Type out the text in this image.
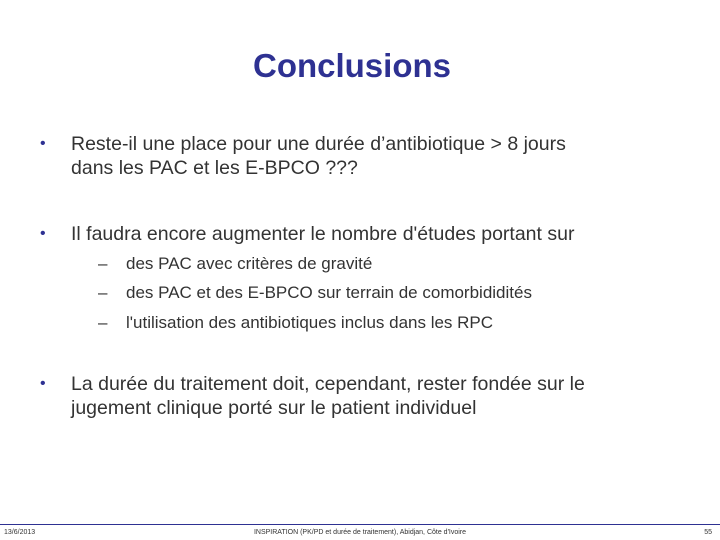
Conclusions
• Reste-il une place pour une durée d’antibiotique > 8 jours
dans les PAC et les E-BPCO ???
• Il faudra encore augmenter le nombre d'études portant sur
– des PAC avec critères de gravité
– des PAC et des E-BPCO sur terrain de comorbididités
– l'utilisation des antibiotiques inclus dans les RPC
• La durée du traitement doit, cependant, rester fondée sur le
jugement clinique porté sur le patient individuel
13/6/2013	INSPIRATION (PK/PD et durée de traitement), Abidjan, Côte d'Ivoire	55
